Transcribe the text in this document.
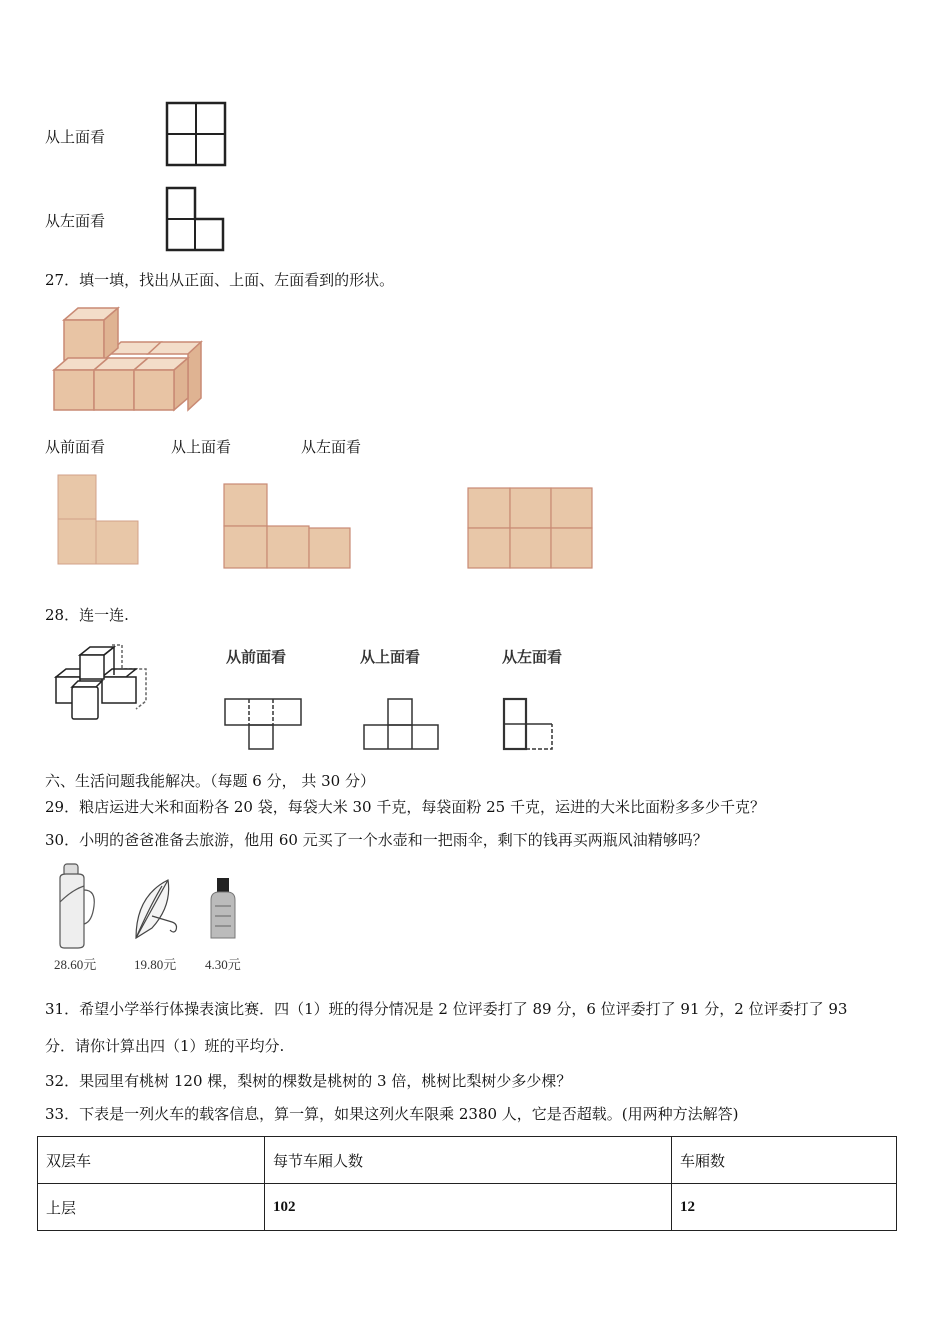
从上面看
从左面看
27．填一填，找出从正面、上面、左面看到的形状。
从前面看	从上面看	从左面看
28．连一连.
从前面看	从上面看	从左面看
六、生活问题我能解决。（每题 6 分， 共 30 分）
29．粮店运进大米和面粉各 20 袋，每袋大米 30 千克，每袋面粉 25 千克，运进的大米比面粉多多少千克？
30．小明的爸爸准备去旅游，他用 60 元买了一个水壶和一把雨伞，剩下的钱再买两瓶风油精够吗？
28.60元	19.80元 4.30元
31．希望小学举行体操表演比赛．四（1）班的得分情况是 2 位评委打了 89 分，6 位评委打了 91 分，2 位评委打了 93
分．请你计算出四（1）班的平均分.
32．果园里有桃树 120 棵，梨树的棵数是桃树的 3 倍，桃树比梨树少多少棵？
33．下表是一列火车的载客信息，算一算，如果这列火车限乘 2380 人，它是否超载。(用两种方法解答)
双层车	每节车厢人数	车厢数
上层	102	12
